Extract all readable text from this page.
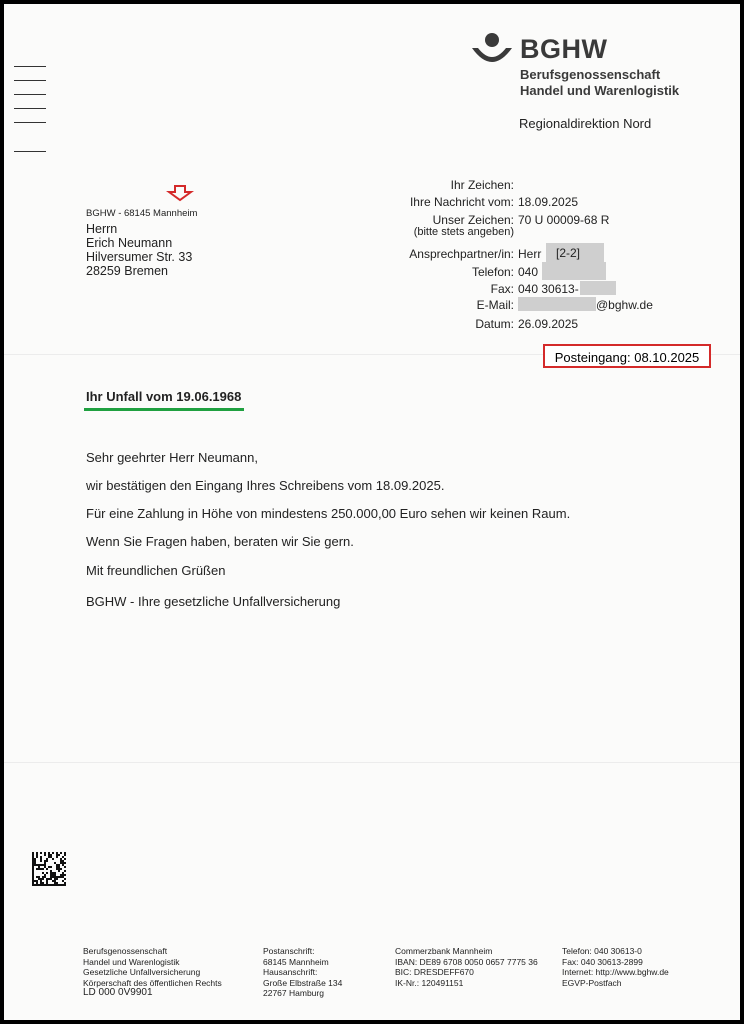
BGHW
Berufsgenossenschaft
Handel und Warenlogistik
Regionaldirektion Nord
BGHW - 68145 Mannheim
Herrn
Erich Neumann
Hilversumer Str. 33
28259 Bremen
Ihr Zeichen:
Ihre Nachricht vom: 18.09.2025
Unser Zeichen:
(bitte stets angeben)
70 U 00009-68 R
Ansprechpartner/in: Herr [2-2]
Telefon: 040
Fax: 040 30613-
E-Mail:	@bghw.de
Datum: 26.09.2025
Posteingang: 08.10.2025
Ihr Unfall vom 19.06.1968
Sehr geehrter Herr Neumann,
wir bestätigen den Eingang Ihres Schreibens vom 18.09.2025.
Für eine Zahlung in Höhe von mindestens 250.000,00 Euro sehen wir keinen Raum.
Wenn Sie Fragen haben, beraten wir Sie gern.
Mit freundlichen Grüßen
BGHW - Ihre gesetzliche Unfallversicherung
Berufsgenossenschaft
Handel und Warenlogistik
Gesetzliche Unfallversicherung
Körperschaft des öffentlichen Rechts
LD 000 0V9901
Postanschrift:
68145 Mannheim
Hausanschrift:
Große Elbstraße 134
22767 Hamburg
Commerzbank Mannheim
IBAN: DE89 6708 0050 0657 7775 36
BIC: DRESDEFF670
IK-Nr.: 120491151
Telefon: 040 30613-0
Fax: 040 30613-2899
Internet: http://www.bghw.de
EGVP-Postfach
